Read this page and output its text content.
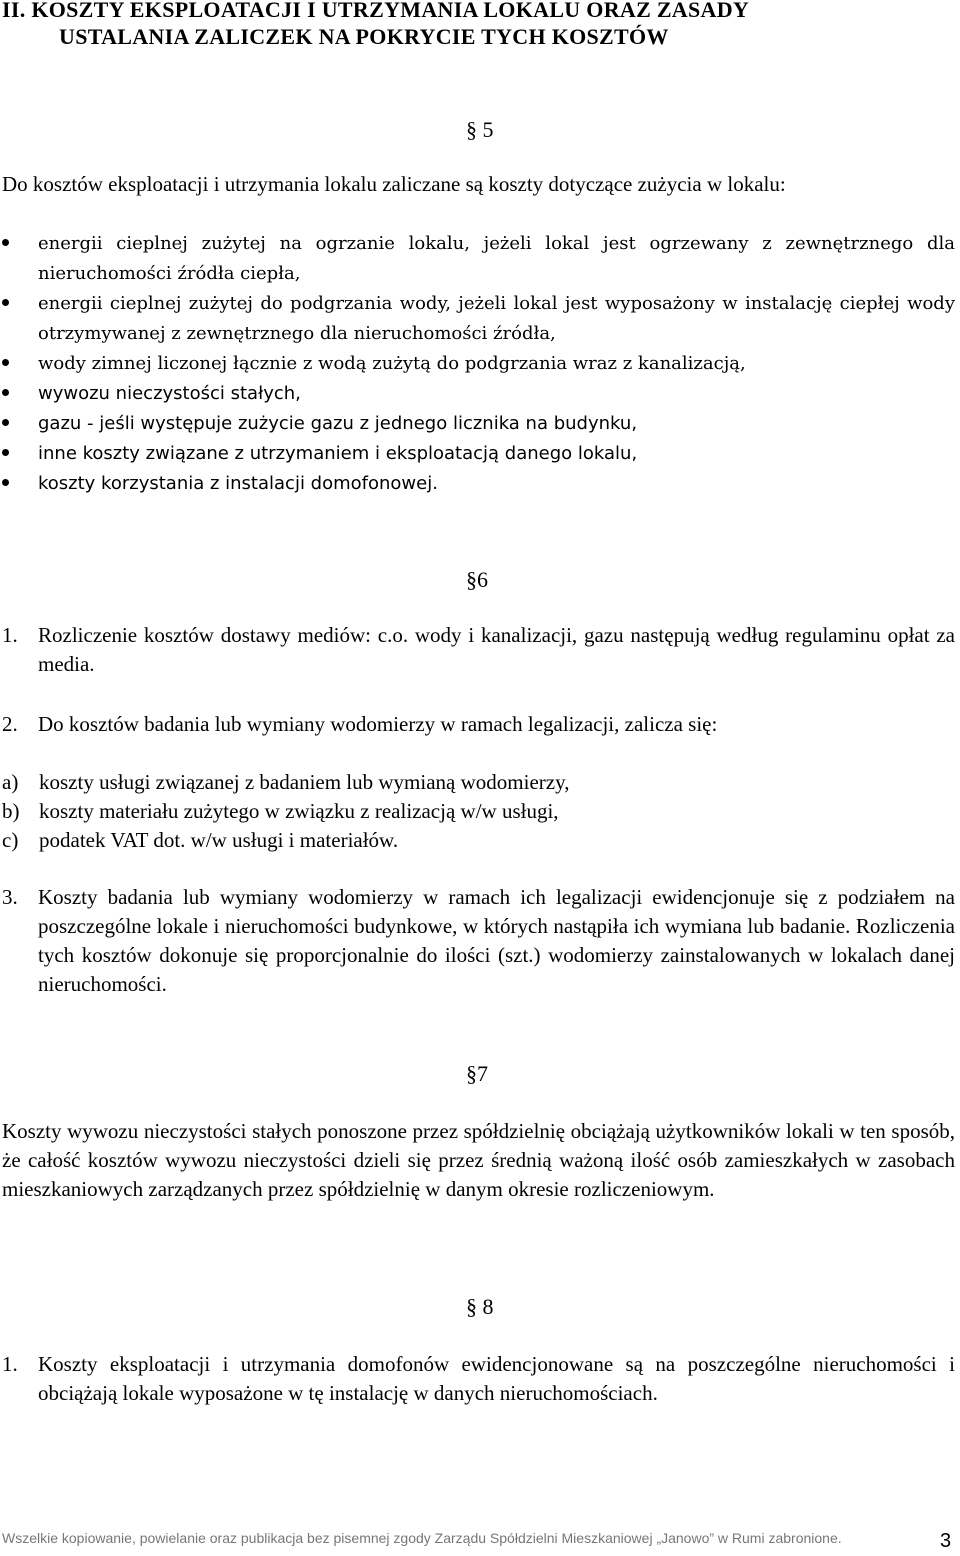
II. KOSZTY EKSPLOATACJI I UTRZYMANIA LOKALU ORAZ ZASADY
USTALANIA ZALICZEK NA POKRYCIE TYCH KOSZTÓW
§ 5
Do kosztów eksploatacji i utrzymania lokalu zaliczane są koszty dotyczące zużycia w lokalu:
energii cieplnej zużytej na ogrzanie lokalu, jeżeli lokal jest ogrzewany z zewnętrznego dla nieruchomości źródła ciepła,
energii cieplnej zużytej do podgrzania wody, jeżeli lokal jest wyposażony w instalację ciepłej wody otrzymywanej z zewnętrznego dla nieruchomości źródła,
wody zimnej liczonej łącznie z wodą zużytą do podgrzania wraz z kanalizacją,
wywozu nieczystości stałych,
gazu - jeśli występuje zużycie gazu z jednego licznika na budynku,
inne koszty związane z utrzymaniem i eksploatacją danego lokalu,
koszty korzystania z instalacji domofonowej.
§6
1. Rozliczenie kosztów dostawy mediów: c.o. wody i kanalizacji, gazu następują według regulaminu opłat za media.
2. Do kosztów badania lub wymiany wodomierzy w ramach legalizacji, zalicza się:
a) koszty usługi związanej z badaniem lub wymianą wodomierzy,
b) koszty materiału zużytego w związku z realizacją w/w usługi,
c) podatek VAT dot. w/w usługi i materiałów.
3. Koszty badania lub wymiany wodomierzy w ramach ich legalizacji ewidencjonuje się z podziałem na poszczególne lokale i nieruchomości budynkowe, w których nastąpiła ich wymiana lub badanie. Rozliczenia tych kosztów dokonuje się proporcjonalnie do ilości (szt.) wodomierzy zainstalowanych w lokalach danej nieruchomości.
§7
Koszty wywozu nieczystości stałych ponoszone przez spółdzielnię obciążają użytkowników lokali w ten sposób, że całość kosztów wywozu nieczystości dzieli się przez średnią ważoną ilość osób zamieszkałych w zasobach mieszkaniowych zarządzanych przez spółdzielnię w danym okresie rozliczeniowym.
§ 8
1. Koszty eksploatacji i utrzymania domofonów ewidencjonowane są na poszczególne nieruchomości i obciążają lokale wyposażone w tę instalację w danych nieruchomościach.
Wszelkie kopiowanie, powielanie oraz publikacja bez pisemnej zgody Zarządu Spółdzielni Mieszkaniowej „Janowo” w Rumi zabronione.	3
